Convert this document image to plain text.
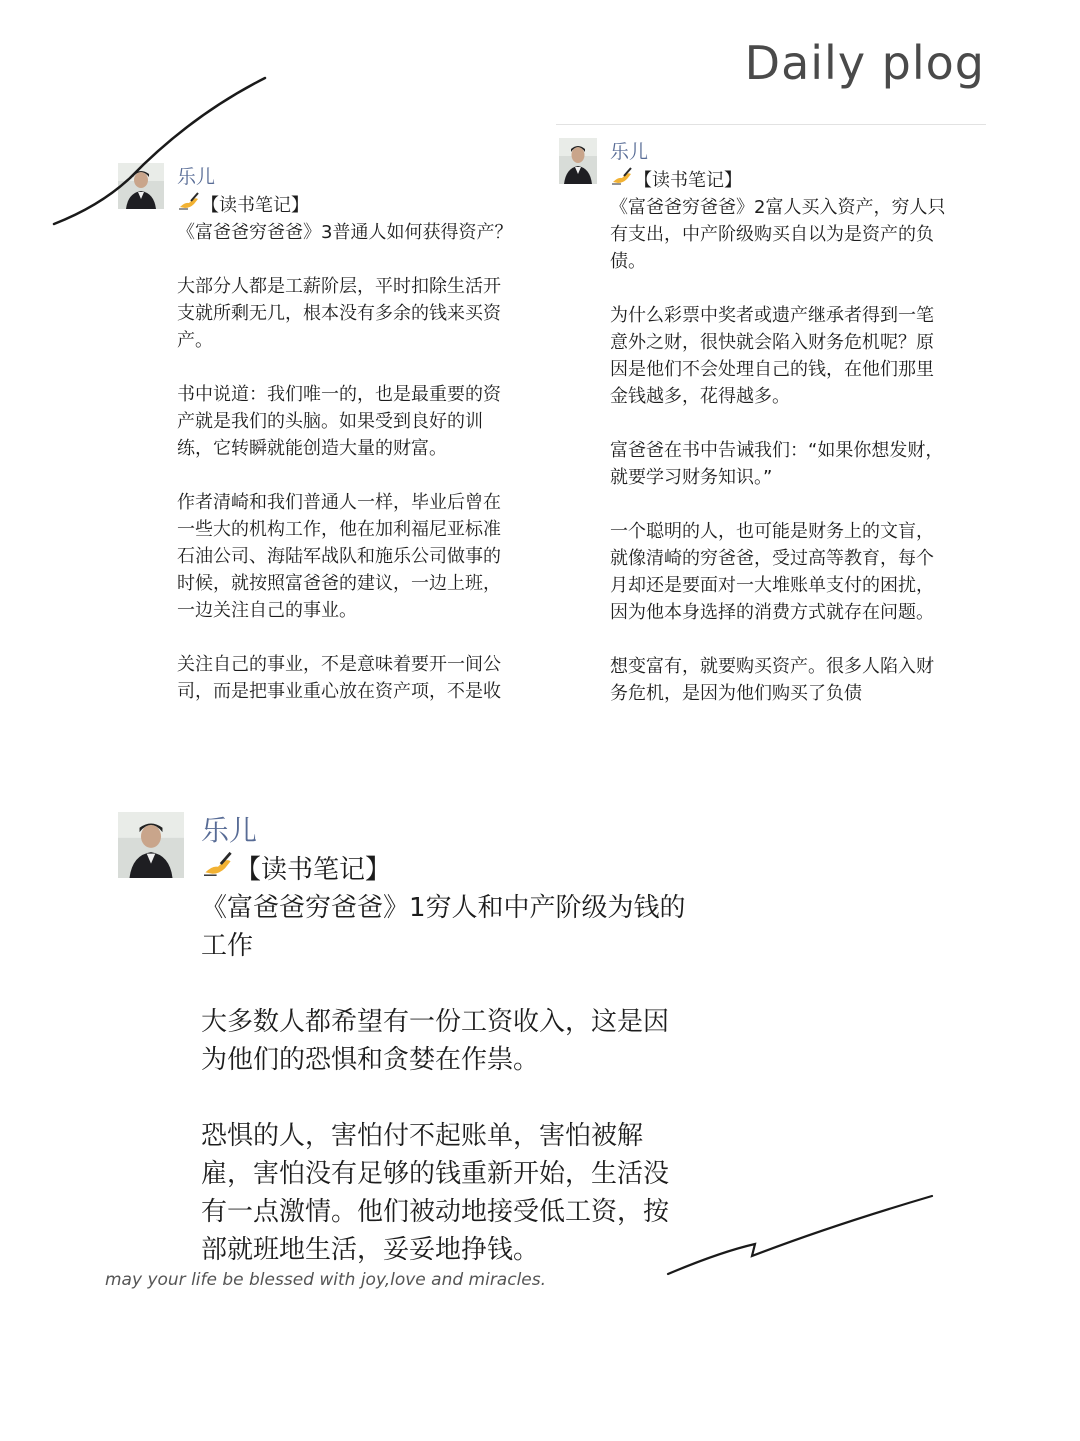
Daily plog
乐儿
【读书笔记】
《富爸爸穷爸爸》3普通人如何获得资产？
大部分人都是工薪阶层，平时扣除生活开
支就所剩无几，根本没有多余的钱来买资
产。
书中说道：我们唯一的，也是最重要的资
产就是我们的头脑。如果受到良好的训
练，它转瞬就能创造大量的财富。
作者清崎和我们普通人一样，毕业后曾在
一些大的机构工作，他在加利福尼亚标准
石油公司、海陆军战队和施乐公司做事的
时候，就按照富爸爸的建议，一边上班，
一边关注自己的事业。
关注自己的事业，不是意味着要开一间公
司，而是把事业重心放在资产项，不是收
乐儿
【读书笔记】
《富爸爸穷爸爸》2富人买入资产，穷人只
有支出，中产阶级购买自以为是资产的负
债。
为什么彩票中奖者或遗产继承者得到一笔
意外之财，很快就会陷入财务危机呢？原
因是他们不会处理自己的钱，在他们那里
金钱越多，花得越多。
富爸爸在书中告诫我们：“如果你想发财，
就要学习财务知识。”
一个聪明的人，也可能是财务上的文盲，
就像清崎的穷爸爸，受过高等教育，每个
月却还是要面对一大堆账单支付的困扰，
因为他本身选择的消费方式就存在问题。
想变富有，就要购买资产。很多人陷入财
务危机，是因为他们购买了负债
乐儿
【读书笔记】
《富爸爸穷爸爸》1穷人和中产阶级为钱的
工作
大多数人都希望有一份工资收入，这是因
为他们的恐惧和贪婪在作祟。
恐惧的人，害怕付不起账单，害怕被解
雇，害怕没有足够的钱重新开始，生活没
有一点激情。他们被动地接受低工资，按
部就班地生活，妥妥地挣钱。
may your life be blessed with joy,love and miracles.
